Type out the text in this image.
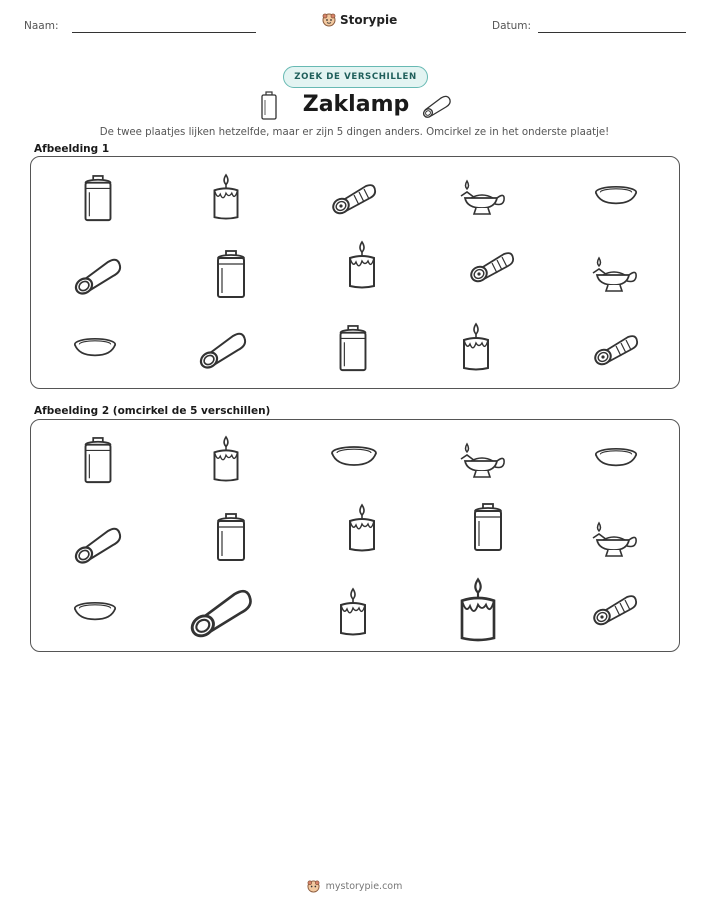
Naam:	Storypie	Datum:
ZOEK DE VERSCHILLEN
Zaklamp
De twee plaatjes lijken hetzelfde, maar er zijn 5 dingen anders. Omcirkel ze in het onderste plaatje!
Afbeelding 1
Afbeelding 2 (omcirkel de 5 verschillen)
mystorypie.com
